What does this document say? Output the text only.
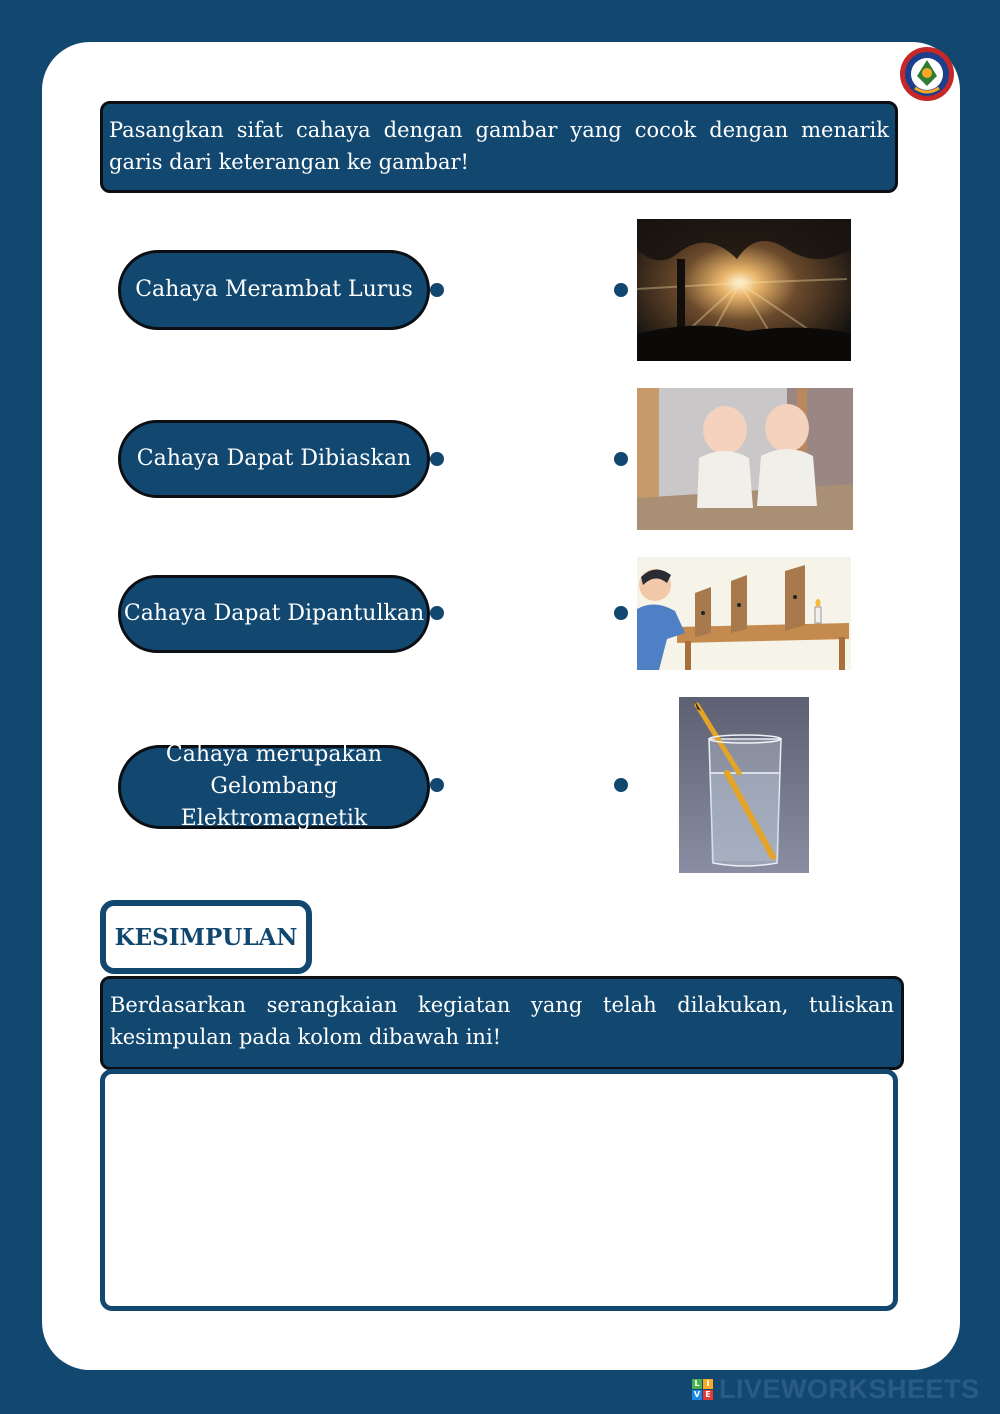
Pasangkan sifat cahaya dengan gambar yang cocok dengan menarik garis dari keterangan ke gambar!
Cahaya Merambat Lurus
Cahaya Dapat Dibiaskan
Cahaya Dapat Dipantulkan
Cahaya merupakan
Gelombang Elektromagnetik
KESIMPULAN
Berdasarkan serangkaian kegiatan yang telah dilakukan, tuliskan kesimpulan pada kolom dibawah ini!
L I
V E LIVEWORKSHEETS
